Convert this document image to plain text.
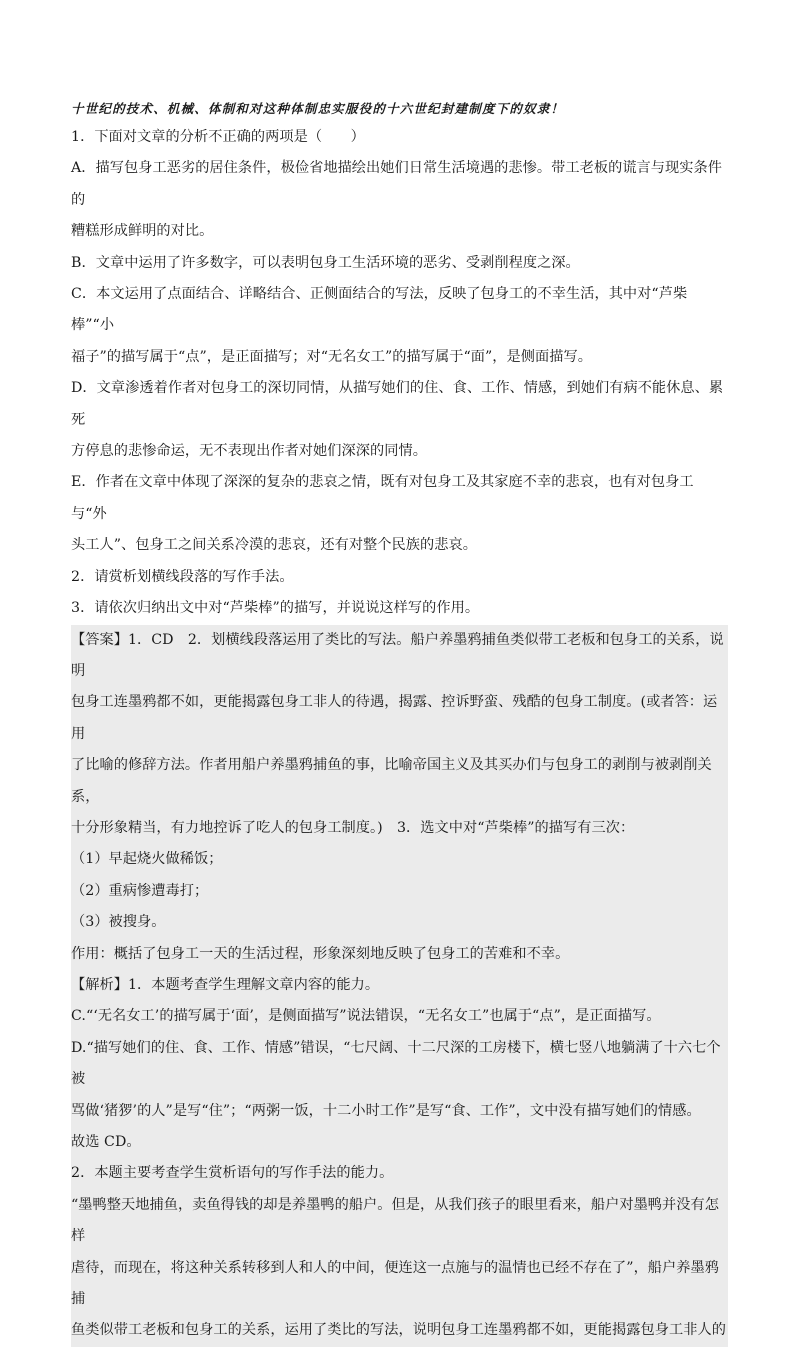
十世纪的技术、机械、体制和对这种体制忠实服役的十六世纪封建制度下的奴隶！
1．下面对文章的分析不正确的两项是（　　）
A．描写包身工恶劣的居住条件，极俭省地描绘出她们日常生活境遇的悲惨。带工老板的谎言与现实条件的
糟糕形成鲜明的对比。
B．文章中运用了许多数字，可以表明包身工生活环境的恶劣、受剥削程度之深。
C．本文运用了点面结合、详略结合、正侧面结合的写法，反映了包身工的不幸生活，其中对“芦柴棒”“小
福子”的描写属于“点”，是正面描写；对“无名女工”的描写属于“面”，是侧面描写。
D．文章渗透着作者对包身工的深切同情，从描写她们的住、食、工作、情感，到她们有病不能休息、累死
方停息的悲惨命运，无不表现出作者对她们深深的同情。
E．作者在文章中体现了深深的复杂的悲哀之情，既有对包身工及其家庭不幸的悲哀，也有对包身工与“外
头工人”、包身工之间关系冷漠的悲哀，还有对整个民族的悲哀。
2．请赏析划横线段落的写作手法。
3．请依次归纳出文中对“芦柴棒”的描写，并说说这样写的作用。
【答案】1．CD　2．划横线段落运用了类比的写法。船户养墨鸦捕鱼类似带工老板和包身工的关系，说明
包身工连墨鸦都不如，更能揭露包身工非人的待遇，揭露、控诉野蛮、残酷的包身工制度。(或者答：运用
了比喻的修辞方法。作者用船户养墨鸦捕鱼的事，比喻帝国主义及其买办们与包身工的剥削与被剥削关系，
十分形象精当，有力地控诉了吃人的包身工制度。)　3．选文中对“芦柴棒”的描写有三次：
（1）早起烧火做稀饭；
（2）重病惨遭毒打；
（3）被搜身。
作用：概括了包身工一天的生活过程，形象深刻地反映了包身工的苦难和不幸。
【解析】1．本题考查学生理解文章内容的能力。
C.“‘无名女工’的描写属于‘面’，是侧面描写”说法错误，“无名女工”也属于“点”，是正面描写。
D.“描写她们的住、食、工作、情感”错误，“七尺阔、十二尺深的工房楼下，横七竖八地躺满了十六七个被
骂做‘猪猡’的人”是写“住”；“两粥一饭，十二小时工作”是写“食、工作”，文中没有描写她们的情感。
故选 CD。
2．本题主要考查学生赏析语句的写作手法的能力。
“墨鸭整天地捕鱼，卖鱼得钱的却是养墨鸭的船户。但是，从我们孩子的眼里看来，船户对墨鸭并没有怎样
虐待，而现在，将这种关系转移到人和人的中间，便连这一点施与的温情也已经不存在了”，船户养墨鸦捕
鱼类似带工老板和包身工的关系，运用了类比的写法，说明包身工连墨鸦都不如，更能揭露包身工非人的
